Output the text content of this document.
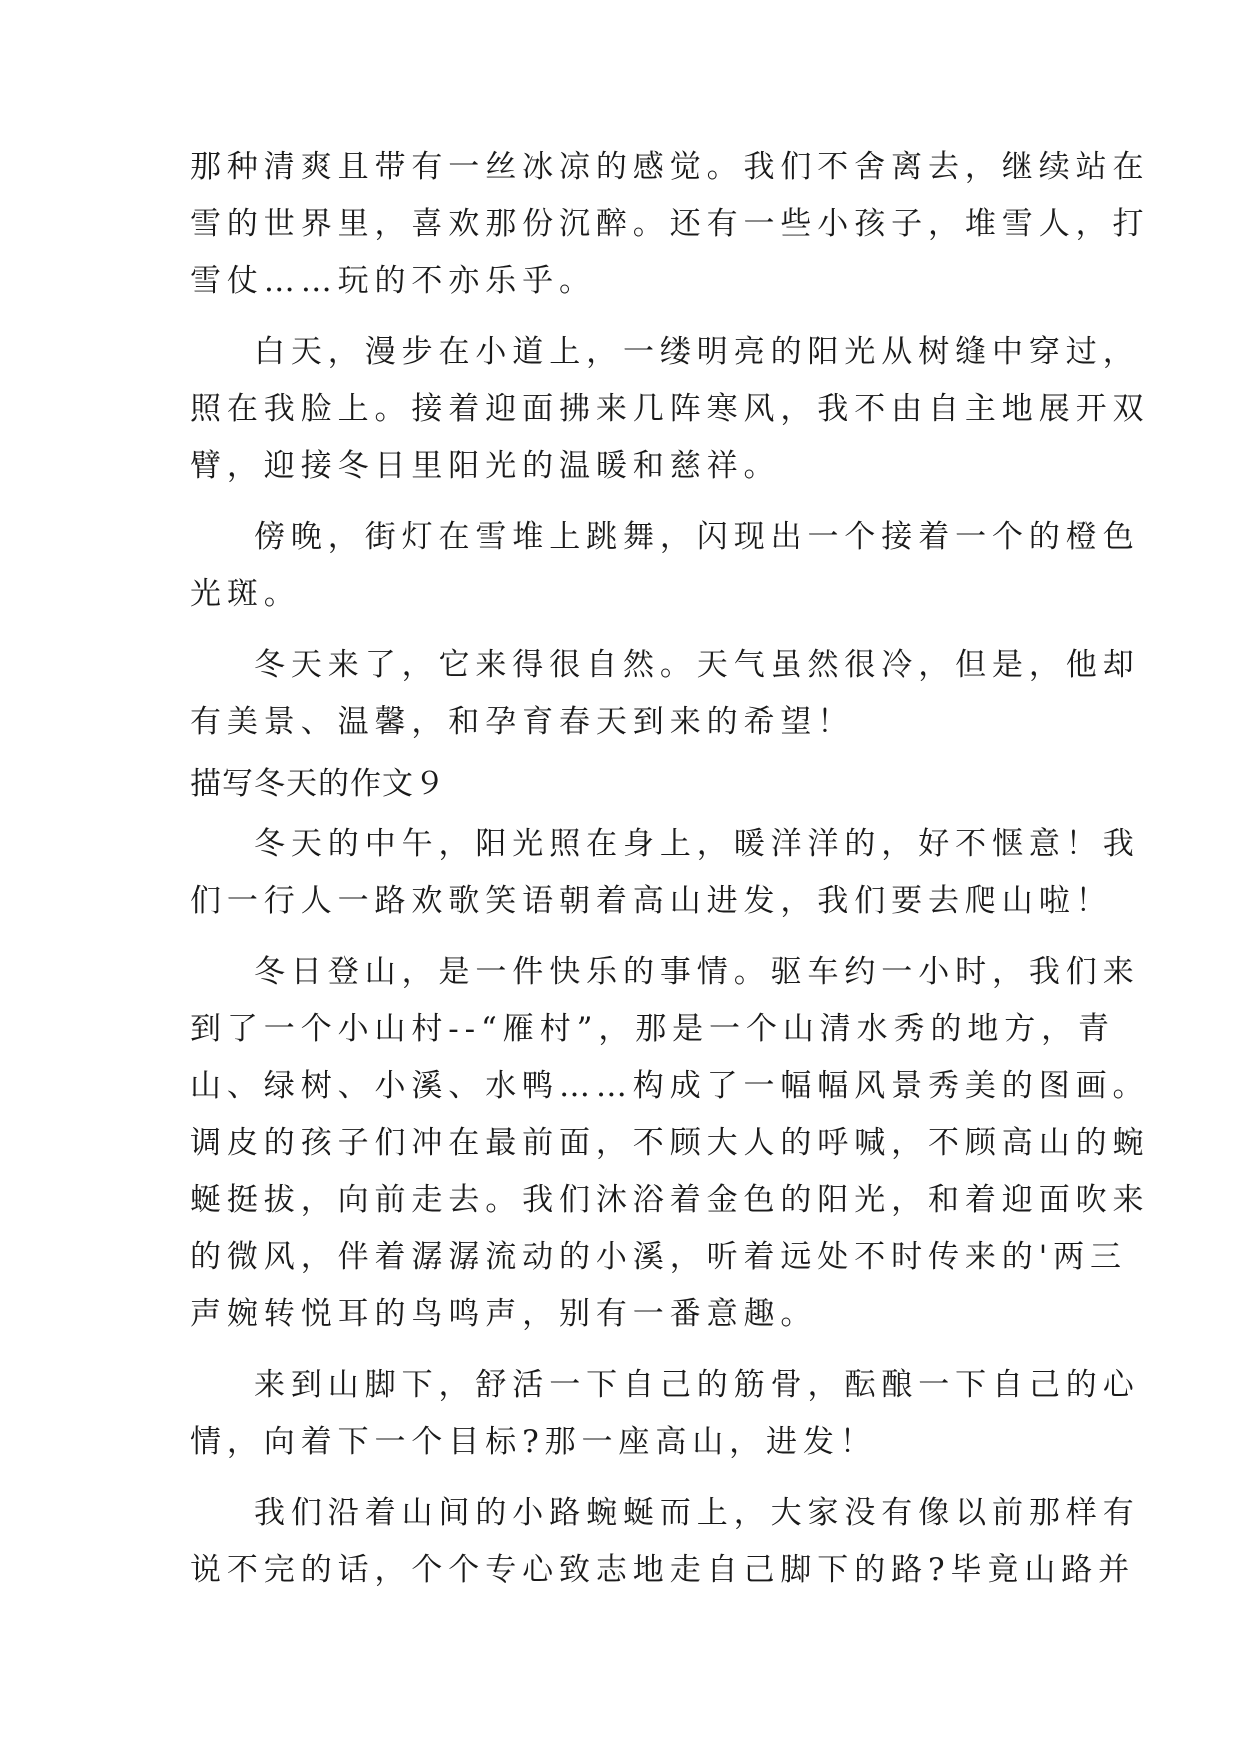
那种清爽且带有一丝冰凉的感觉。我们不舍离去，继续站在
雪的世界里，喜欢那份沉醉。还有一些小孩子，堆雪人，打
雪仗……玩的不亦乐乎。
白天，漫步在小道上，一缕明亮的阳光从树缝中穿过，
照在我脸上。接着迎面拂来几阵寒风，我不由自主地展开双
臂，迎接冬日里阳光的温暖和慈祥。
傍晚，街灯在雪堆上跳舞，闪现出一个接着一个的橙色
光斑。
冬天来了，它来得很自然。天气虽然很冷，但是，他却
有美景、温馨，和孕育春天到来的希望！
描写冬天的作文９
冬天的中午，阳光照在身上，暖洋洋的，好不惬意！我
们一行人一路欢歌笑语朝着高山进发，我们要去爬山啦！
冬日登山，是一件快乐的事情。驱车约一小时，我们来
到了一个小山村--“雁村”，那是一个山清水秀的地方，青
山、绿树、小溪、水鸭……构成了一幅幅风景秀美的图画。
调皮的孩子们冲在最前面，不顾大人的呼喊，不顾高山的蜿
蜒挺拔，向前走去。我们沐浴着金色的阳光，和着迎面吹来
的微风，伴着潺潺流动的小溪，听着远处不时传来的'两三
声婉转悦耳的鸟鸣声，别有一番意趣。
来到山脚下，舒活一下自己的筋骨，酝酿一下自己的心
情，向着下一个目标?那一座高山，进发！
我们沿着山间的小路蜿蜒而上，大家没有像以前那样有
说不完的话，个个专心致志地走自己脚下的路?毕竟山路并
